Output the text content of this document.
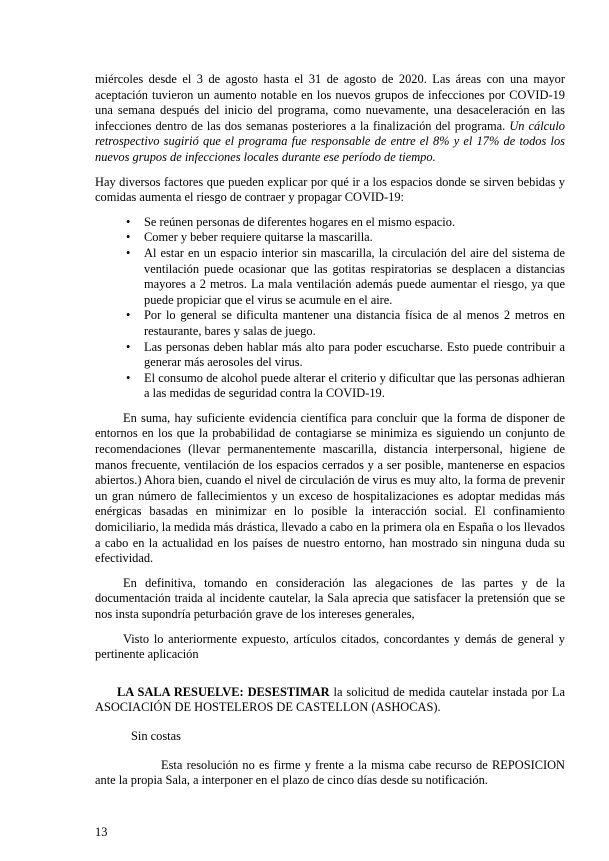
miércoles desde el 3 de agosto hasta el 31 de agosto de 2020. Las áreas con una mayor aceptación tuvieron un aumento notable en los nuevos grupos de infecciones por COVID-19 una semana después del inicio del programa, como nuevamente, una desaceleración en las infecciones dentro de las dos semanas posteriores a la finalización del programa. Un cálculo retrospectivo sugirió que el programa fue responsable de entre el 8% y el 17% de todos los nuevos grupos de infecciones locales durante ese período de tiempo.

Hay diversos factores que pueden explicar por qué ir a los espacios donde se sirven bebidas y comidas aumenta el riesgo de contraer y propagar COVID-19:

• Se reúnen personas de diferentes hogares en el mismo espacio.
• Comer y beber requiere quitarse la mascarilla.
• Al estar en un espacio interior sin mascarilla, la circulación del aire del sistema de ventilación puede ocasionar que las gotitas respiratorias se desplacen a distancias mayores a 2 metros. La mala ventilación además puede aumentar el riesgo, ya que puede propiciar que el virus se acumule en el aire.
• Por lo general se dificulta mantener una distancia física de al menos 2 metros en restaurante, bares y salas de juego.
• Las personas deben hablar más alto para poder escucharse. Esto puede contribuir a generar más aerosoles del virus.
• El consumo de alcohol puede alterar el criterio y dificultar que las personas adhieran a las medidas de seguridad contra la COVID-19.

En suma, hay suficiente evidencia científica para concluir que la forma de disponer de entornos en los que la probabilidad de contagiarse se minimiza es siguiendo un conjunto de recomendaciones (llevar permanentemente mascarilla, distancia interpersonal, higiene de manos frecuente, ventilación de los espacios cerrados y a ser posible, mantenerse en espacios abiertos.) Ahora bien, cuando el nivel de circulación de virus es muy alto, la forma de prevenir un gran número de fallecimientos y un exceso de hospitalizaciones es adoptar medidas más enérgicas basadas en minimizar en lo posible la interacción social. El confinamiento domiciliario, la medida más drástica, llevado a cabo en la primera ola en España o los llevados a cabo en la actualidad en los países de nuestro entorno, han mostrado sin ninguna duda su efectividad.

En definitiva, tomando en consideración las alegaciones de las partes y de la documentación traida al incidente cautelar, la Sala aprecia que satisfacer la pretensión que se nos insta supondría peturbación grave de los intereses generales,

Visto lo anteriormente expuesto, artículos citados, concordantes y demás de general y pertinente aplicación

LA SALA RESUELVE: DESESTIMAR la solicitud de medida cautelar instada por La ASOCIACIÓN DE HOSTELEROS DE CASTELLON (ASHOCAS).

Sin costas

Esta resolución no es firme y frente a la misma cabe recurso de REPOSICION ante la propia Sala, a interponer en el plazo de cinco días desde su notificación.

13
